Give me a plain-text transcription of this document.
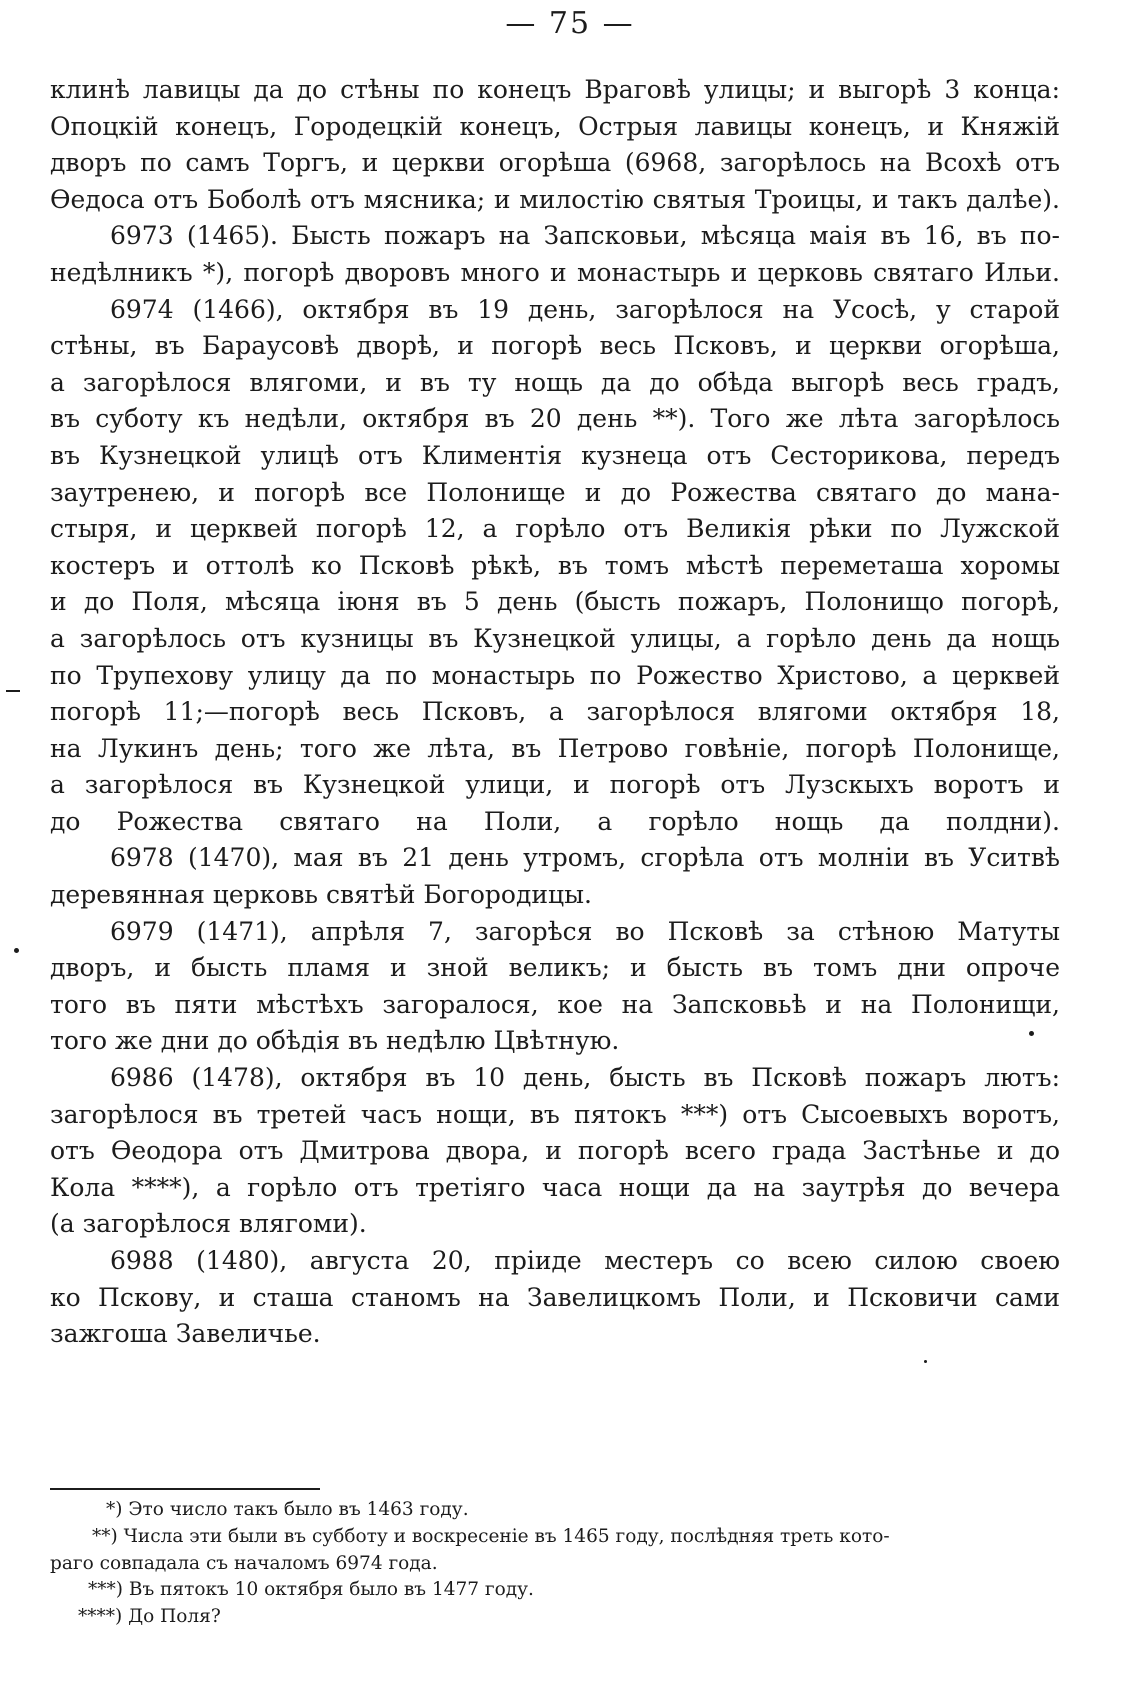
— 75 —
клинѣ лавицы да до стѣны по конецъ Враговѣ улицы; и выгорѣ 3 конца:
Опоцкій конецъ, Городецкій конецъ, Острыя лавицы конецъ, и Княжій
дворъ по самъ Торгъ, и церкви огорѣша (6968, загорѣлось на Всохѣ отъ
Ѳедоса отъ Боболѣ отъ мясника; и милостію святыя Троицы, и такъ далѣе).
6973 (1465). Бысть пожаръ на Запсковьи, мѣсяца маія въ 16, въ по-
недѣлникъ *), погорѣ дворовъ много и монастырь и церковь святаго Ильи.
6974 (1466), октября въ 19 день, загорѣлося на Усосѣ, у старой
стѣны, въ Бараусовѣ дворѣ, и погорѣ весь Псковъ, и церкви огорѣша,
а загорѣлося влягоми, и въ ту нощь да до обѣда выгорѣ весь градъ,
въ суботу къ недѣли, октября въ 20 день **). Того же лѣта загорѣлось
въ Кузнецкой улицѣ отъ Климентія кузнеца отъ Сесторикова, передъ
заутренею, и погорѣ все Полонище и до Рожества святаго до мана-
стыря, и церквей погорѣ 12, а горѣло отъ Великія рѣки по Лужской
костеръ и оттолѣ ко Псковѣ рѣкѣ, въ томъ мѣстѣ переметаша хоромы
и до Поля, мѣсяца іюня въ 5 день (бысть пожаръ, Полонищо погорѣ,
а загорѣлось отъ кузницы въ Кузнецкой улицы, а горѣло день да нощь
по Трупехову улицу да по монастырь по Рожество Христово, а церквей
погорѣ 11;—погорѣ весь Псковъ, а загорѣлося влягоми октября 18,
на Лукинъ день; того же лѣта, въ Петрово говѣніе, погорѣ Полонище,
а загорѣлося въ Кузнецкой улици, и погорѣ отъ Лузскыхъ воротъ и
до Рожества святаго на Поли, а горѣло нощь да полдни).
6978 (1470), мая въ 21 день утромъ, сгорѣла отъ молніи въ Уситвѣ
деревянная церковь святѣй Богородицы.
6979 (1471), апрѣля 7, загорѣся во Псковѣ за стѣною Матуты
дворъ, и бысть пламя и зной великъ; и бысть въ томъ дни опроче
того въ пяти мѣстѣхъ загоралося, кое на Запсковьѣ и на Полонищи,
того же дни до обѣдія въ недѣлю Цвѣтную.
6986 (1478), октября въ 10 день, бысть въ Псковѣ пожаръ лютъ:
загорѣлося въ третей часъ нощи, въ пятокъ ***) отъ Сысоевыхъ воротъ,
отъ Ѳеодора отъ Дмитрова двора, и погорѣ всего града Застѣнье и до
Кола ****), а горѣло отъ третіяго часа нощи да на заутрѣя до вечера
(а загорѣлося влягоми).
6988 (1480), августа 20, пріиде местеръ со всею силою своею
ко Пскову, и сташа станомъ на Завелицкомъ Поли, и Псковичи сами
зажгоша Завеличье.
*) Это число такъ было въ 1463 году.
**) Числа эти были въ субботу и воскресеніе въ 1465 году, послѣдняя треть кото-
раго совпадала съ началомъ 6974 года.
***) Въ пятокъ 10 октября было въ 1477 году.
****) До Поля?
